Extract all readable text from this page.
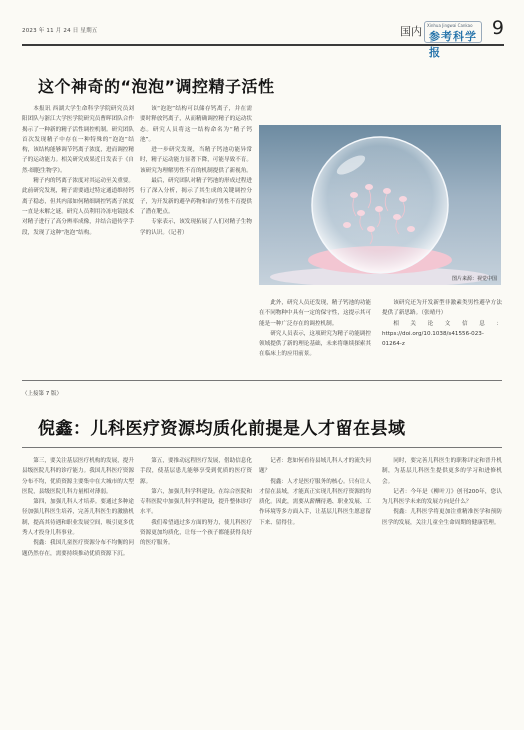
2023 年 11 月 24 日 星期五	国内 Xinhua Jingwai Cankao
参考科学报
9
这个神奇的“泡泡”调控精子活性

本报讯 西湖大学生命科学学院研究员刘阳团队与浙江大学医学院研究员曹晖团队合作揭示了一种新的精子活性调控机制。研究团队首次发现精子中存在一种特殊的“泡泡”结构，该结构能够调节钙离子浓度，进而调控精子的运动能力。相关研究成果近日发表于《自然·细胞生物学》。

精子内的钙离子浓度对其运动至关重要。此前研究发现，精子需要通过特定通道维持钙离子稳态，但其内部如何精细调控钙离子浓度一直是未解之谜。研究人员利用冷冻电镜技术对精子进行了高分辨率成像，并结合遗传学手段，发现了这种“泡泡”结构。

该“泡泡”结构可以储存钙离子，并在需要时释放钙离子，从而精确调控精子的运动状态。研究人员将这一结构命名为“精子钙池”。

进一步研究发现，当精子钙池功能异常时，精子运动能力显著下降，可能导致不育。该研究为理解男性不育的机制提供了新视角。

最后，研究团队对精子钙池的形成过程进行了深入分析，揭示了其生成的关键调控分子，为开发新的避孕药物和治疗男性不育提供了潜在靶点。

专家表示，该发现拓展了人们对精子生物学的认识。（记者）

图片来源：视觉中国

此外，研究人员还发现，精子钙池的功能在不同物种中具有一定的保守性，这提示其可能是一种广泛存在的调控机制。

研究人员表示，这项研究为精子功能调控领域提供了新的理论基础，未来将继续探索其在临床上的应用前景。

该研究还为开发新型非激素类男性避孕方法提供了新思路。（张晴丹）

相关论文信息：https://doi.org/10.1038/s41556-023-01264-z

（上接第 7 版）
倪鑫：儿科医疗资源均质化前提是人才留在县域

第三，要关注基层医疗机构的发展，提升县级医院儿科的诊疗能力。我国儿科医疗资源分布不均，优质资源主要集中在大城市的大型医院，县级医院儿科力量相对薄弱。

第四，加强儿科人才培养。要通过多种途径加强儿科医生培养，完善儿科医生的激励机制，提高其待遇和职业发展空间，吸引更多优秀人才投身儿科事业。

倪鑫：我国儿童医疗资源分布不均衡的问题仍然存在，需要持续推动优质资源下沉。

第五，要推动远程医疗发展，借助信息化手段，使基层患儿能够享受到优质的医疗资源。

第六，加强儿科学科建设。在综合医院和专科医院中加强儿科学科建设，提升整体诊疗水平。

我们希望通过多方面的努力，使儿科医疗资源更加均质化，让每一个孩子都能获得良好的医疗服务。

记者：您如何看待县域儿科人才的流失问题？

倪鑫：人才是医疗服务的核心。只有让人才留在县域，才能真正实现儿科医疗资源的均质化。因此，需要从薪酬待遇、职业发展、工作环境等多方面入手，让基层儿科医生愿意留下来、留得住。

同时，要完善儿科医生的职称评定和晋升机制，为基层儿科医生提供更多的学习和进修机会。

记者：今年是《柳叶刀》创刊200年，您认为儿科医学未来的发展方向是什么？

倪鑫：儿科医学将更加注重精准医学和预防医学的发展，关注儿童全生命周期的健康管理。
